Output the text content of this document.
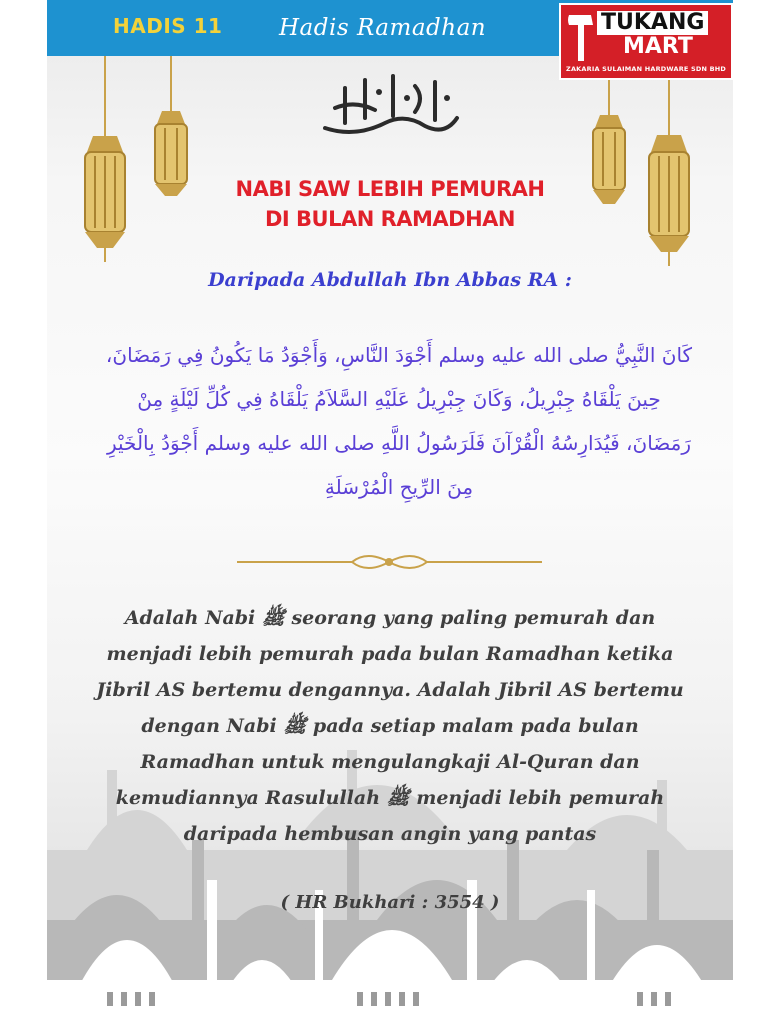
HADIS 11 Hadis Ramadhan	TUKANG
MART
ZAKARIA SULAIMAN HARDWARE SDN BHD
NABI SAW LEBIH PEMURAH
DI BULAN RAMADHAN
Daripada Abdullah Ibn Abbas RA :
كَانَ النَّبِيُّ صلى الله عليه وسلم أَجْوَدَ النَّاسِ، وَأَجْوَدُ مَا يَكُونُ فِي رَمَضَانَ، حِينَ يَلْقَاهُ جِبْرِيلُ، وَكَانَ جِبْرِيلُ عَلَيْهِ السَّلاَمُ يَلْقَاهُ فِي كُلِّ لَيْلَةٍ مِنْ رَمَضَانَ، فَيُدَارِسُهُ الْقُرْآنَ فَلَرَسُولُ اللَّهِ صلى الله عليه وسلم أَجْوَدُ بِالْخَيْرِ مِنَ الرِّيحِ الْمُرْسَلَةِ
Adalah Nabi ﷺ seorang yang paling pemurah dan menjadi lebih pemurah pada bulan Ramadhan ketika Jibril AS bertemu dengannya. Adalah Jibril AS bertemu dengan Nabi ﷺ pada setiap malam pada bulan Ramadhan untuk mengulangkaji Al-Quran dan kemudiannya Rasulullah ﷺ menjadi lebih pemurah daripada hembusan angin yang pantas
( HR Bukhari : 3554 )
